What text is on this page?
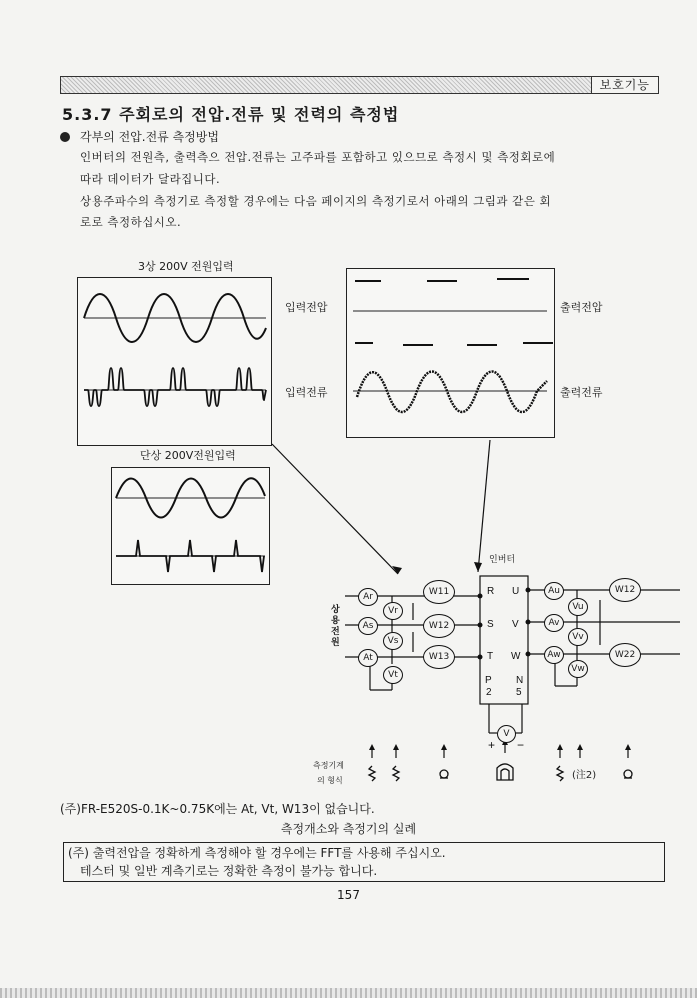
보호기능
5.3.7 주회로의 전압.전류 및 전력의 측정법
각부의 전압.전류 측정방법
인버터의 전원측, 출력측으 전압.전류는 고주파를 포함하고 있으므로 측정시 및 측정회로에
따라 데이터가 달라집니다.
상용주파수의 측정기로 측정할 경우에는 다음 페이지의 측정기로서 아래의 그림과 같은 회
로로 측정하십시오.
3상 200V 전원입력
단상 200V전원입력
입력전압
입력전류
출력전압
출력전류
R
S
T
U
V
W
P
2
N
5
+ −
Ar
As
At
Vr
Vs
Vt
W11
W12
W13
Au
Av
Aw
Vu
Vv
Vw
W12
W22
V
인버터
상용전원
측정기계
의 형식	(注2)
(주)FR-E520S-0.1K~0.75K에는 At, Vt, W13이 없습니다.
측정개소와 측정기의 실례
(주) 출력전압을 정확하게 측정해야 할 경우에는 FFT를 사용해 주십시오.
테스터 및 일반 계측기로는 정확한 측정이 불가능 합니다.
157
